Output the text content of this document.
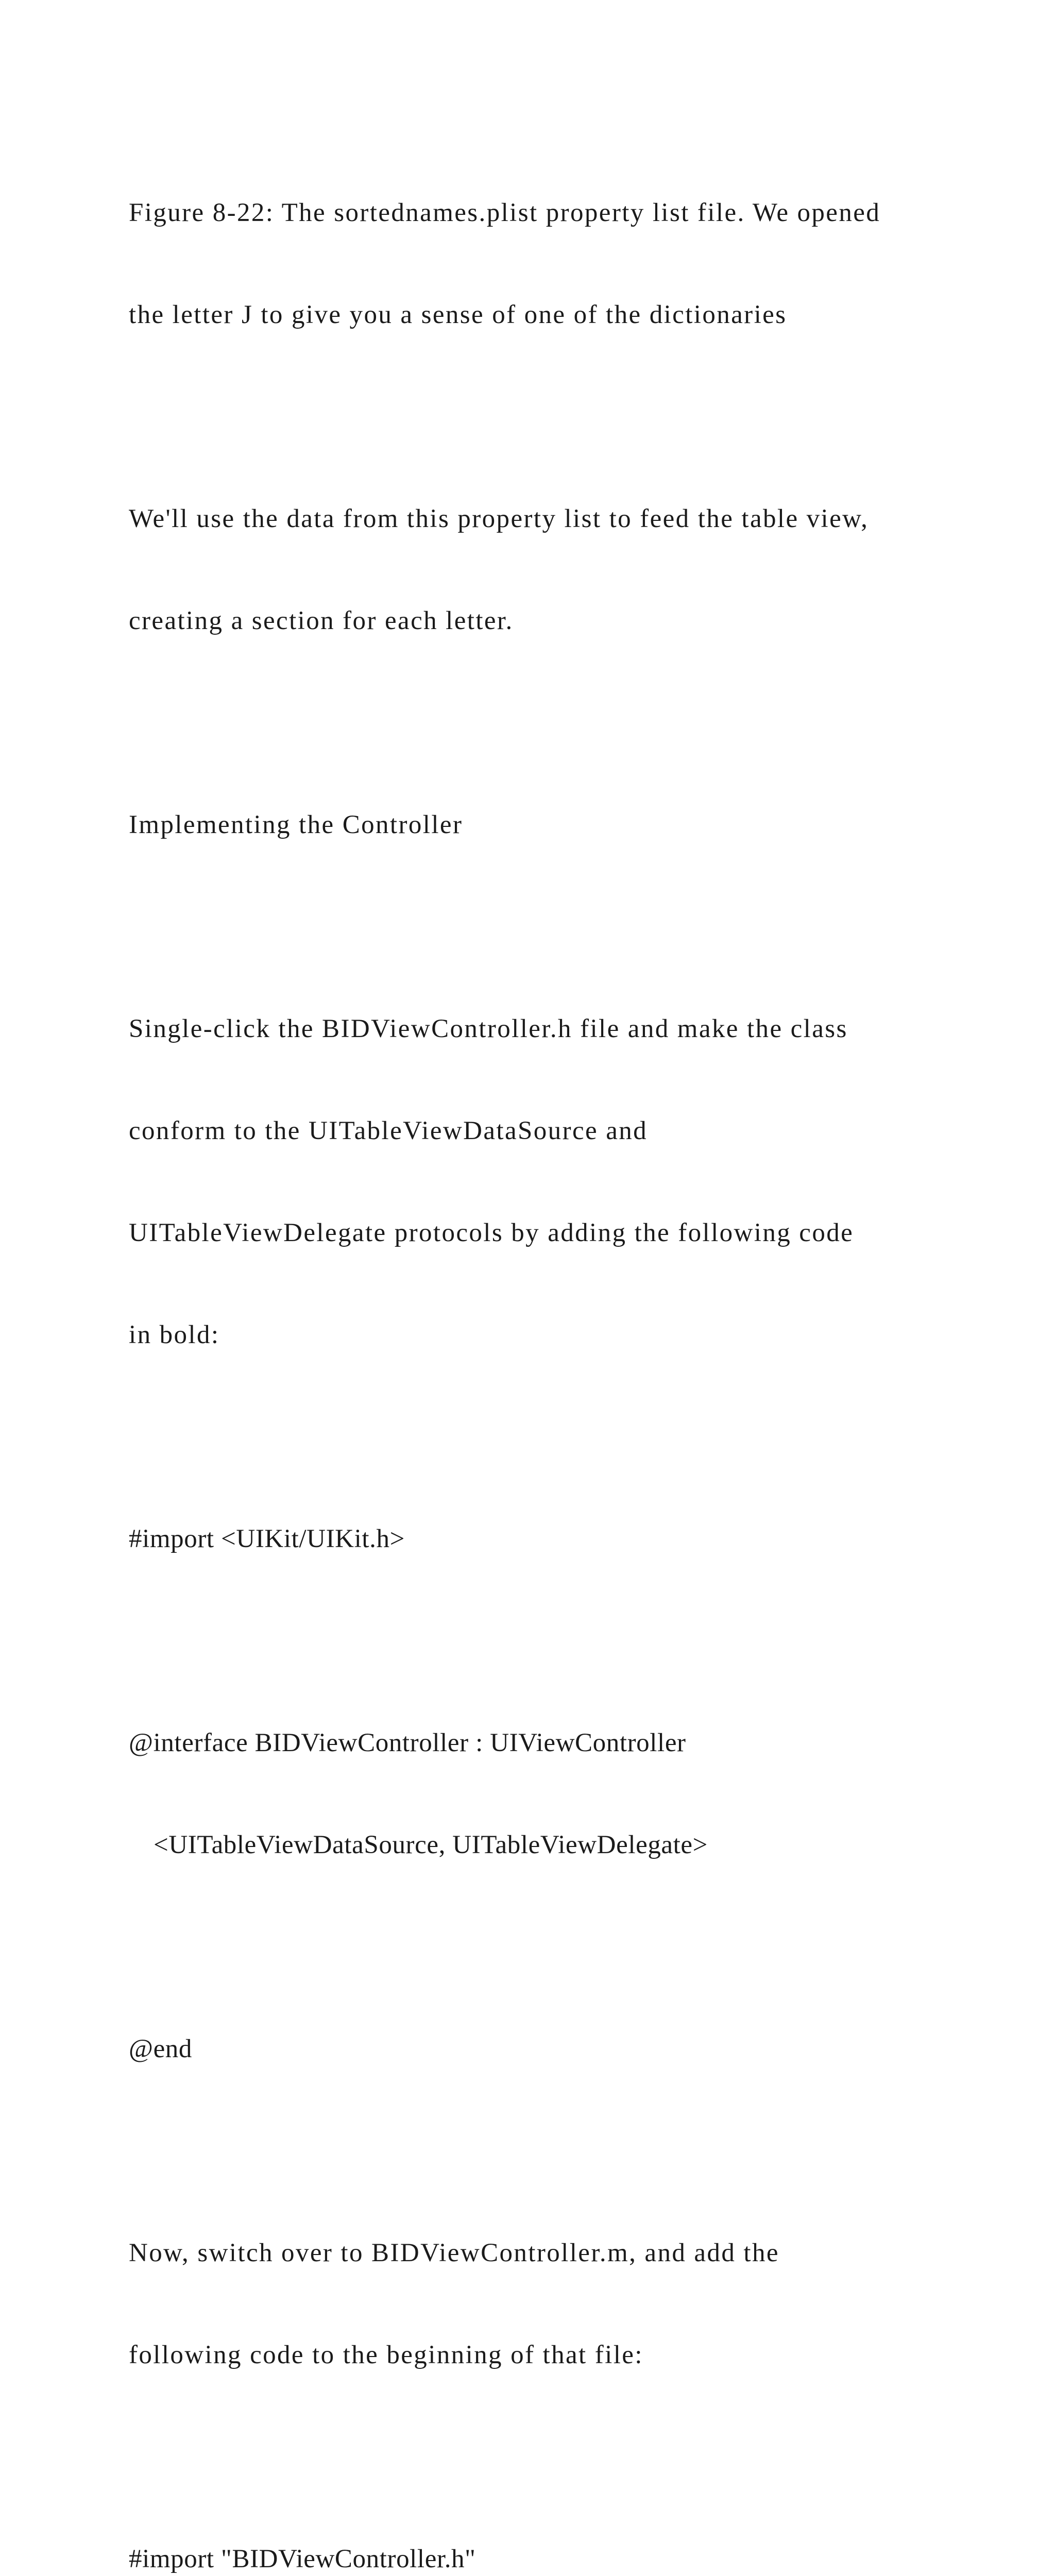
Figure 8-22: The sortednames.plist property list file. We opened

the letter J to give you a sense of one of the dictionaries

We'll use the data from this property list to feed the table view,

creating a section for each letter.

Implementing the Controller

Single-click the BIDViewController.h file and make the class

conform to the UITableViewDataSource and

UITableViewDelegate protocols by adding the following code

in bold:

#import <UIKit/UIKit.h>

@interface BIDViewController : UIViewController

<UITableViewDataSource, UITableViewDelegate>

@end

Now, switch over to BIDViewController.m, and add the

following code to the beginning of that file:

#import "BIDViewController.h"
